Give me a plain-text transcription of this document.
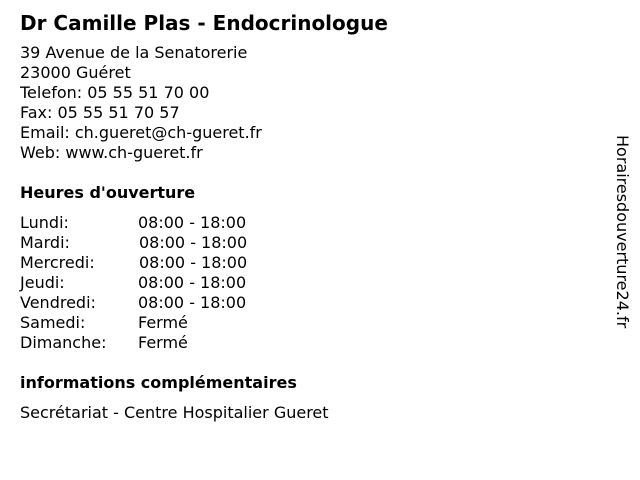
Dr Camille Plas - Endocrinologue
39 Avenue de la Senatorerie
23000 Guéret
Telefon: 05 55 51 70 00
Fax: 05 55 51 70 57
Email: ch.gueret@ch-gueret.fr
Web: www.ch-gueret.fr
Heures d'ouverture
Lundi:	08:00 - 18:00
Mardi:	08:00 - 18:00
Mercredi:	08:00 - 18:00
Jeudi:	08:00 - 18:00
Vendredi:	08:00 - 18:00
Samedi:	Fermé
Dimanche:	Fermé
informations complémentaires
Secrétariat - Centre Hospitalier Gueret
Horairesdouverture24.fr
